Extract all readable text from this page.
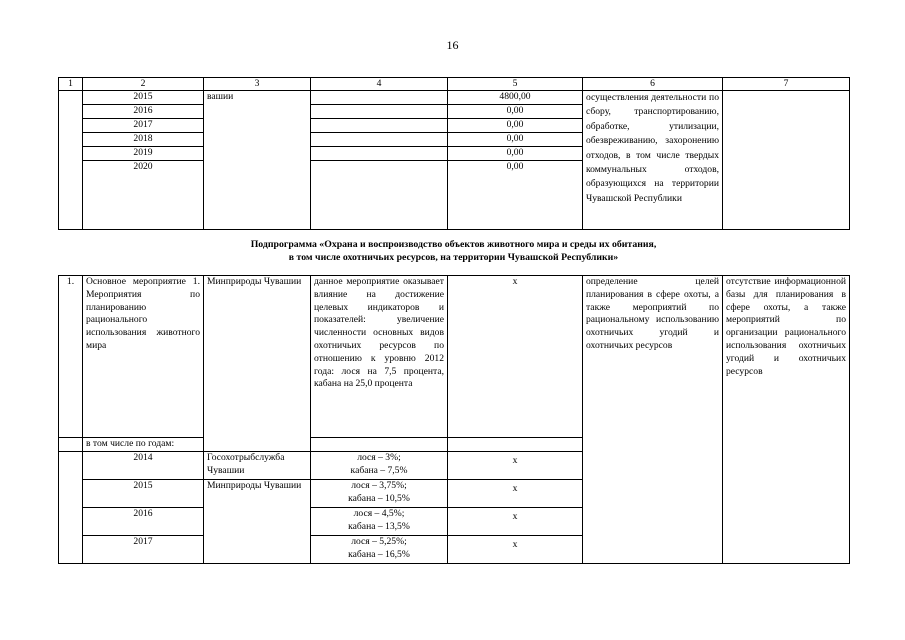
16
1	2	3	4	5	6	7
	2015	вашии		4800,00	осуществления деятельности по сбору, транспортированию, обработке, утилизации, обезвреживанию, захоронению отходов, в том числе твердых коммунальных отходов, образующихся на территории Чувашской Республики	
	2016			0,00		
	2017			0,00		
	2018			0,00		
	2019			0,00		
	2020			0,00		
Подпрограмма «Охрана и воспроизводство объектов животного мира и среды их обитания,
в том числе охотничьих ресурсов, на территории Чувашской Республики»
1.	Основное мероприятие 1. Мероприятия по планированию рационального использования животного мира	Минприроды Чувашии	данное мероприятие оказывает влияние на достижение целевых индикаторов и показателей: увеличение численности основных видов охотничьих ресурсов по отношению к уровню 2012 года: лося на 7,5 процента, кабана на 25,0 процента	x	определение целей планирования в сфере охоты, а также мероприятий по рациональному использованию охотничьих угодий и охотничьих ресурсов	отсутствие информационной базы для планирования в сфере охоты, а также мероприятий по организации рационального использования охотничьих угодий и охотничьих ресурсов
	в том числе по годам:					
	2014	Госохотрыбслужба Чувашии	лося – 3%;
кабана – 7,5%	x		
	2015	Минприроды Чувашии	лося – 3,75%;
кабана – 10,5%	x		
	2016		лося – 4,5%;
кабана – 13,5%	x		
	2017		лося – 5,25%;
кабана – 16,5%	x		
